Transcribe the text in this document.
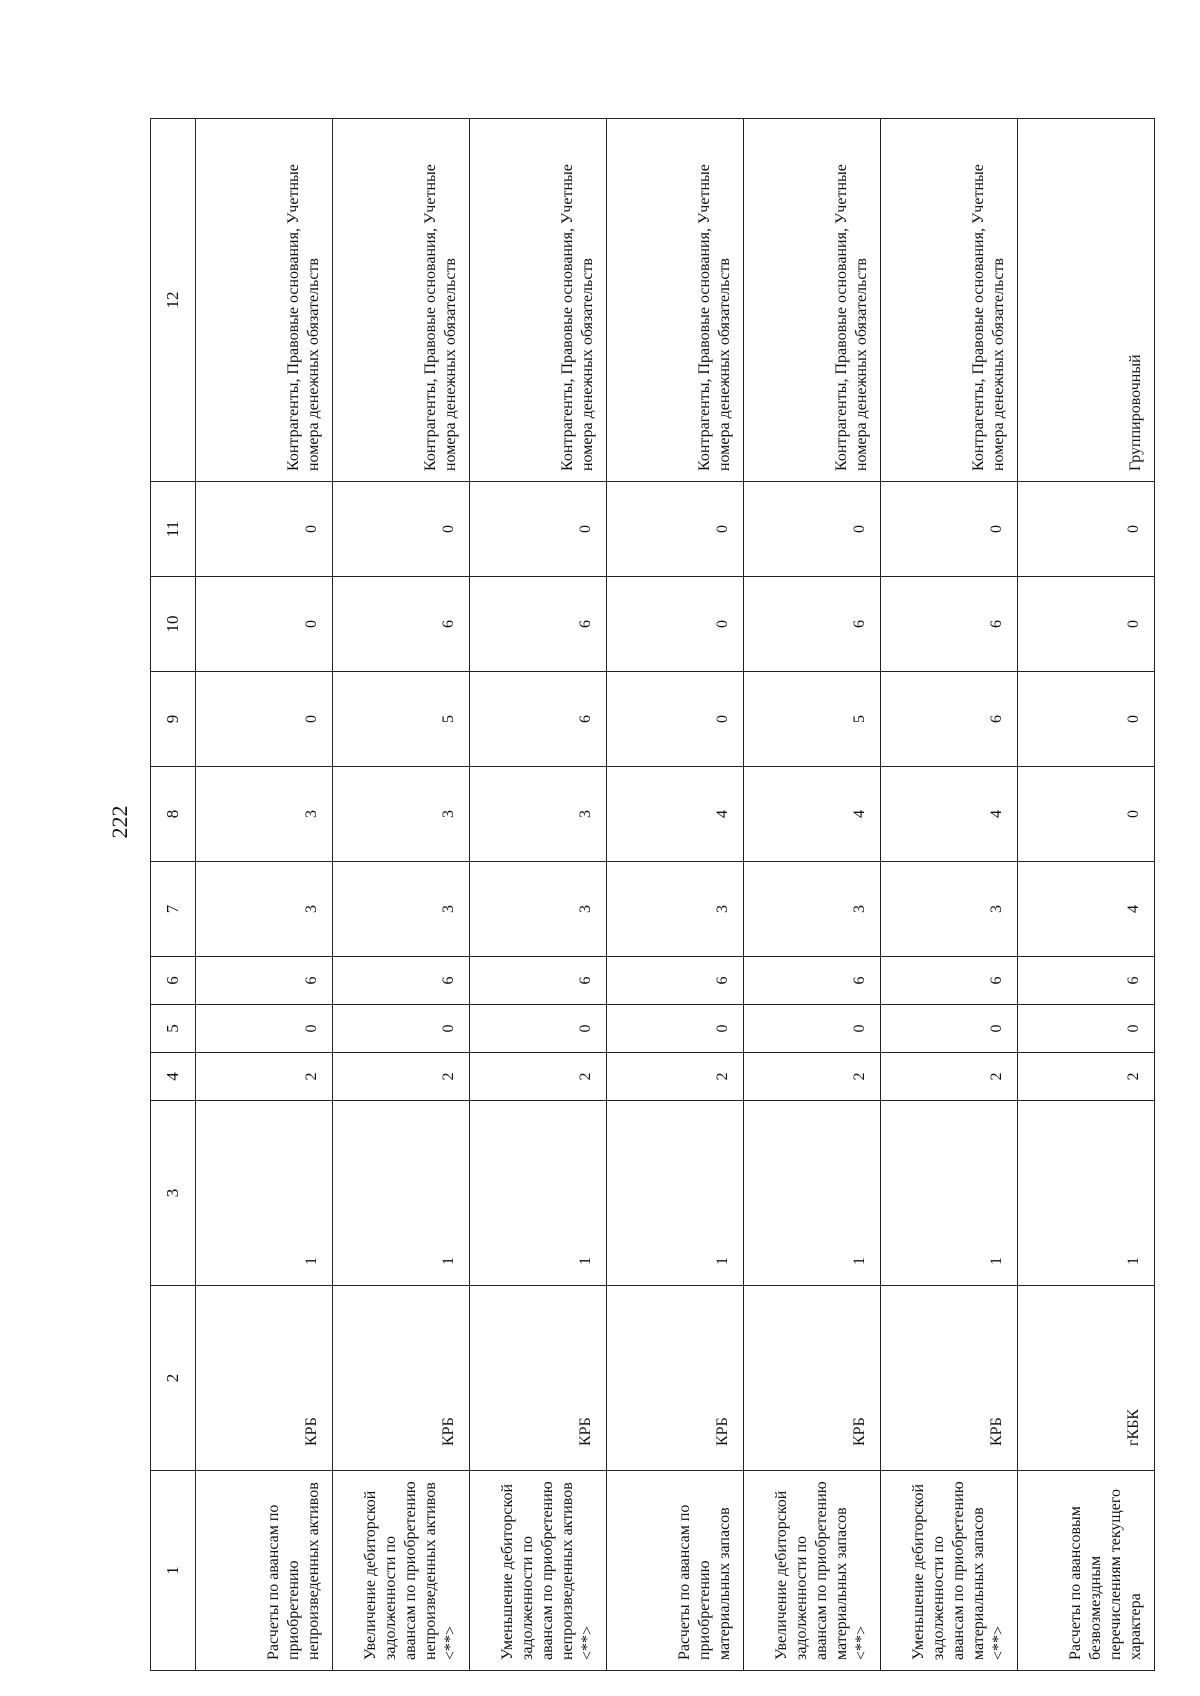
222
1	2	3	4	5	6	7	8	9	10	11	12
Расчеты по авансам по приобретению непроизведенных активов	КРБ	1	2	0	6	3	3	0	0	0	Контрагенты, Правовые основания, Учетные номера денежных обязательств
Увеличение дебиторской задолженности по авансам по приобретению непроизведенных активов <**>	КРБ	1	2	0	6	3	3	5	6	0	Контрагенты, Правовые основания, Учетные номера денежных обязательств
Уменьшение дебиторской задолженности по авансам по приобретению непроизведенных активов <**>	КРБ	1	2	0	6	3	3	6	6	0	Контрагенты, Правовые основания, Учетные номера денежных обязательств
Расчеты по авансам по приобретению материальных запасов	КРБ	1	2	0	6	3	4	0	0	0	Контрагенты, Правовые основания, Учетные номера денежных обязательств
Увеличение дебиторской задолженности по авансам по приобретению материальных запасов <**>	КРБ	1	2	0	6	3	4	5	6	0	Контрагенты, Правовые основания, Учетные номера денежных обязательств
Уменьшение дебиторской задолженности по авансам по приобретению материальных запасов <**>	КРБ	1	2	0	6	3	4	6	6	0	Контрагенты, Правовые основания, Учетные номера денежных обязательств
Расчеты по авансовым безвозмездным перечислениям текущего характера	гКБК	1	2	0	6	4	0	0	0	0	Группировочный
